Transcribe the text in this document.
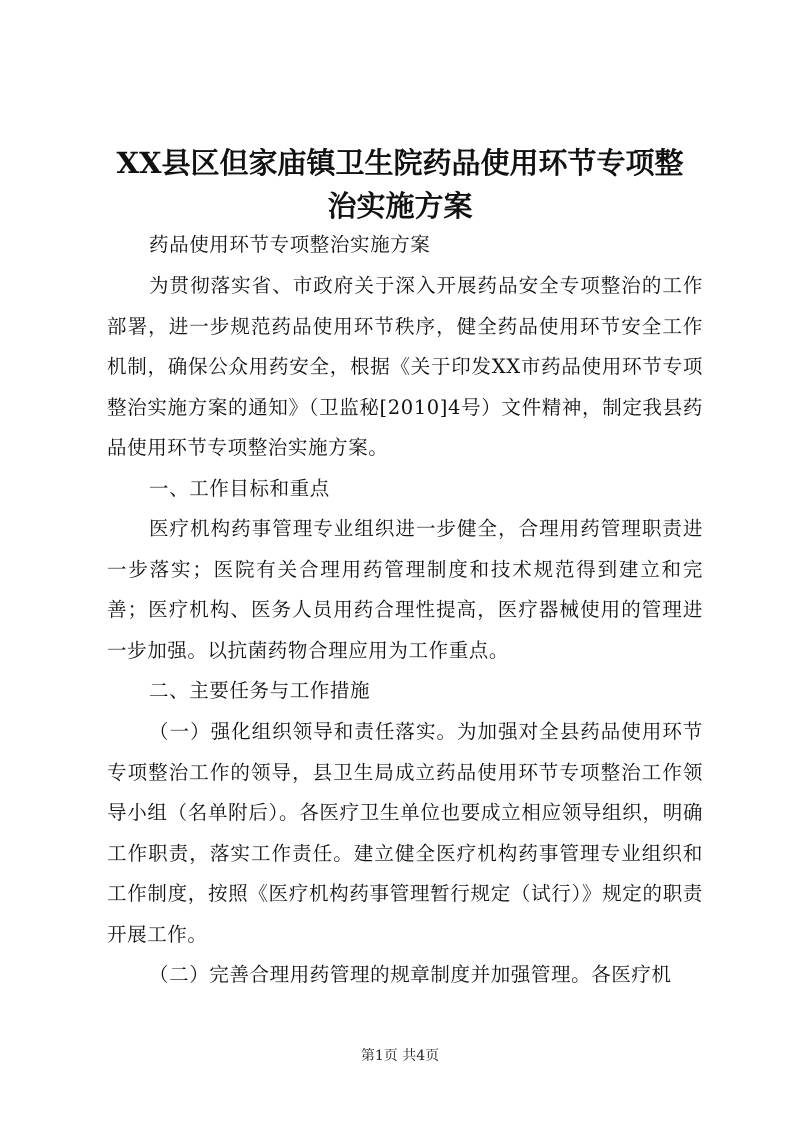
XX县区但家庙镇卫生院药品使用环节专项整
治实施方案

药品使用环节专项整治实施方案

为贯彻落实省、市政府关于深入开展药品安全专项整治的工作部署，进一步规范药品使用环节秩序，健全药品使用环节安全工作机制，确保公众用药安全，根据《关于印发XX市药品使用环节专项整治实施方案的通知》（卫监秘[2010]4号）文件精神，制定我县药品使用环节专项整治实施方案。

一、工作目标和重点

医疗机构药事管理专业组织进一步健全，合理用药管理职责进一步落实；医院有关合理用药管理制度和技术规范得到建立和完善；医疗机构、医务人员用药合理性提高，医疗器械使用的管理进一步加强。以抗菌药物合理应用为工作重点。

二、主要任务与工作措施

（一）强化组织领导和责任落实。为加强对全县药品使用环节专项整治工作的领导，县卫生局成立药品使用环节专项整治工作领导小组（名单附后）。各医疗卫生单位也要成立相应领导组织，明确工作职责，落实工作责任。建立健全医疗机构药事管理专业组织和工作制度，按照《医疗机构药事管理暂行规定（试行）》规定的职责开展工作。

（二）完善合理用药管理的规章制度并加强管理。各医疗机

第1页 共4页
